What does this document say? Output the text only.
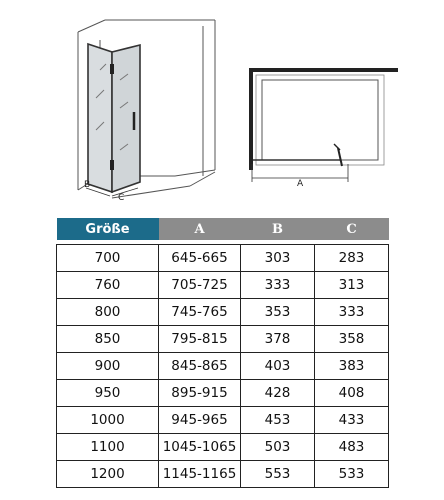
B
C
A
Größe	A	B	C

700	645-665	303	283
760	705-725	333	313
800	745-765	353	333
850	795-815	378	358
900	845-865	403	383
950	895-915	428	408
1000	945-965	453	433
1100	1045-1065	503	483
1200	1145-1165	553	533
